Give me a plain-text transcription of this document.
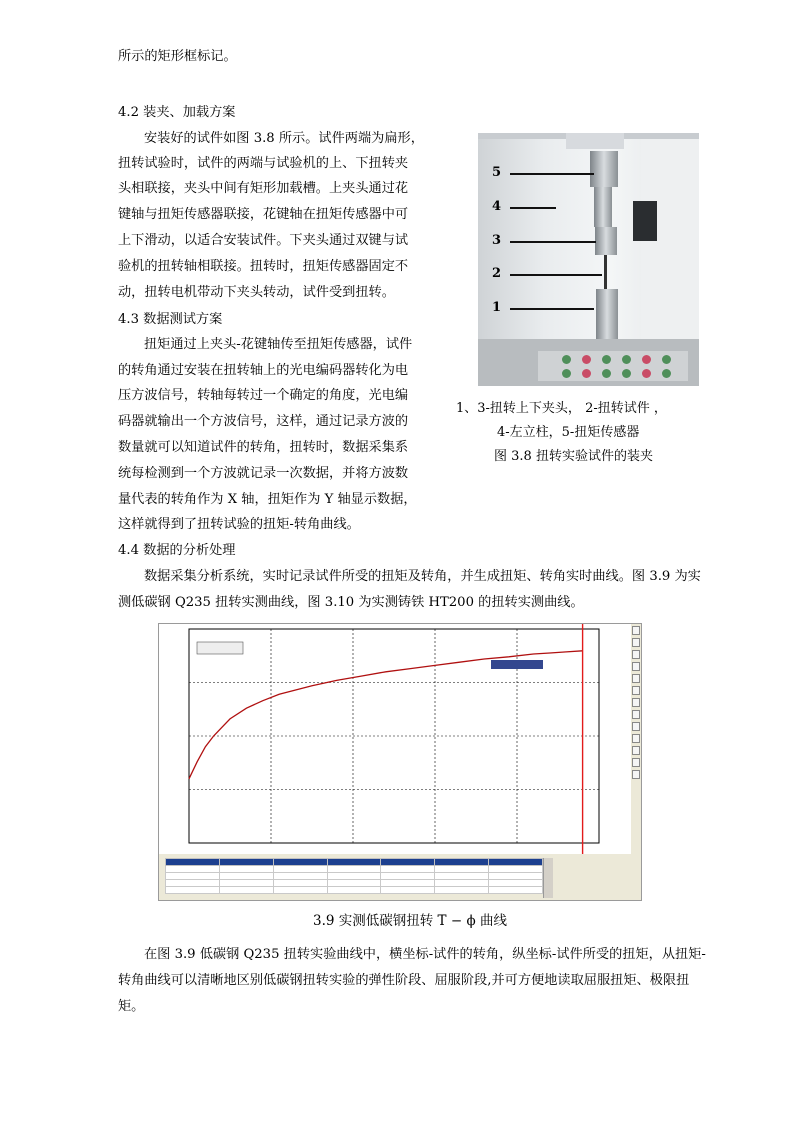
所示的矩形框标记。
4.2 装夹、加载方案
安装好的试件如图 3.8 所示。试件两端为扁形，
扭转试验时，试件的两端与试验机的上、下扭转夹
头相联接，夹头中间有矩形加载槽。上夹头通过花
键轴与扭矩传感器联接，花键轴在扭矩传感器中可
上下滑动，以适合安装试件。下夹头通过双键与试
验机的扭转轴相联接。扭转时，扭矩传感器固定不
动，扭转电机带动下夹头转动，试件受到扭转。
4.3 数据测试方案
扭矩通过上夹头-花键轴传至扭矩传感器，试件
的转角通过安装在扭转轴上的光电编码器转化为电
压方波信号，转轴每转过一个确定的角度，光电编
码器就输出一个方波信号，这样，通过记录方波的
数量就可以知道试件的转角，扭转时，数据采集系
统每检测到一个方波就记录一次数据，并将方波数
量代表的转角作为 X 轴，扭矩作为 Y 轴显示数据，
这样就得到了扭转试验的扭矩-转角曲线。
4.4 数据的分析处理
数据采集分析系统，实时记录试件所受的扭矩及转角，并生成扭矩、转角实时曲线。图 3.9 为实
测低碳钢 Q235 扭转实测曲线，图 3.10 为实测铸铁 HT200 的扭转实测曲线。
5
4
3
2
1
1、3-扭转上下夹头， 2-扭转试件 ，
4-左立柱，5-扭矩传感器
图 3.8 扭转实验试件的装夹

3.9 实测低碳钢扭转 T − ϕ 曲线
在图 3.9 低碳钢 Q235 扭转实验曲线中，横坐标-试件的转角，纵坐标-试件所受的扭矩，从扭矩-
转角曲线可以清晰地区别低碳钢扭转实验的弹性阶段、屈服阶段,并可方便地读取屈服扭矩、极限扭
矩。
